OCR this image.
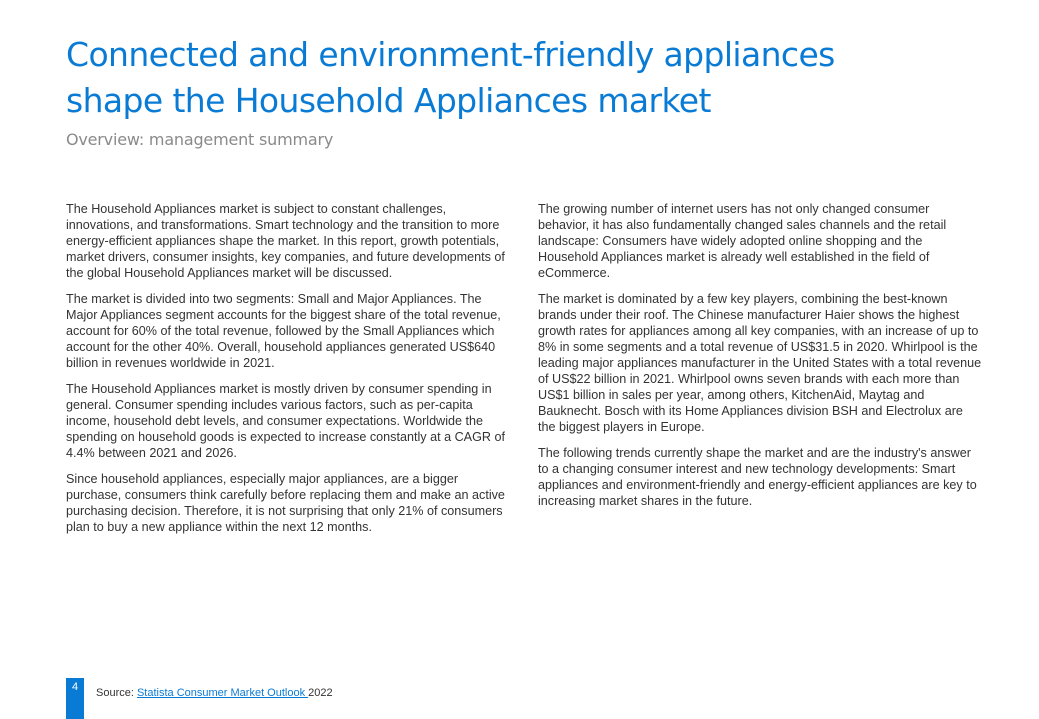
Connected and environment-friendly appliances
shape the Household Appliances market
Overview: management summary

The Household Appliances market is subject to constant challenges, innovations, and transformations. Smart technology and the transition to more energy-efficient appliances shape the market. In this report, growth potentials, market drivers, consumer insights, key companies, and future developments of the global Household Appliances market will be discussed.

The market is divided into two segments: Small and Major Appliances. The Major Appliances segment accounts for the biggest share of the total revenue, account for 60% of the total revenue, followed by the Small Appliances which account for the other 40%. Overall, household appliances generated US$640 billion in revenues worldwide in 2021.

The Household Appliances market is mostly driven by consumer spending in general. Consumer spending includes various factors, such as per-capita income, household debt levels, and consumer expectations. Worldwide the spending on household goods is expected to increase constantly at a CAGR of 4.4% between 2021 and 2026.

Since household appliances, especially major appliances, are a bigger purchase, consumers think carefully before replacing them and make an active purchasing decision. Therefore, it is not surprising that only 21% of consumers plan to buy a new appliance within the next 12 months.

The growing number of internet users has not only changed consumer behavior, it has also fundamentally changed sales channels and the retail landscape: Consumers have widely adopted online shopping and the Household Appliances market is already well established in the field of eCommerce.

The market is dominated by a few key players, combining the best-known brands under their roof. The Chinese manufacturer Haier shows the highest growth rates for appliances among all key companies, with an increase of up to 8% in some segments and a total revenue of US$31.5 in 2020. Whirlpool is the leading major appliances manufacturer in the United States with a total revenue of US$22 billion in 2021. Whirlpool owns seven brands with each more than US$1 billion in sales per year, among others, KitchenAid, Maytag and Bauknecht. Bosch with its Home Appliances division BSH and Electrolux are the biggest players in Europe.

The following trends currently shape the market and are the industry's answer to a changing consumer interest and new technology developments: Smart appliances and environment-friendly and energy-efficient appliances are key to increasing market shares in the future.

4	Source: Statista Consumer Market Outlook 2022
